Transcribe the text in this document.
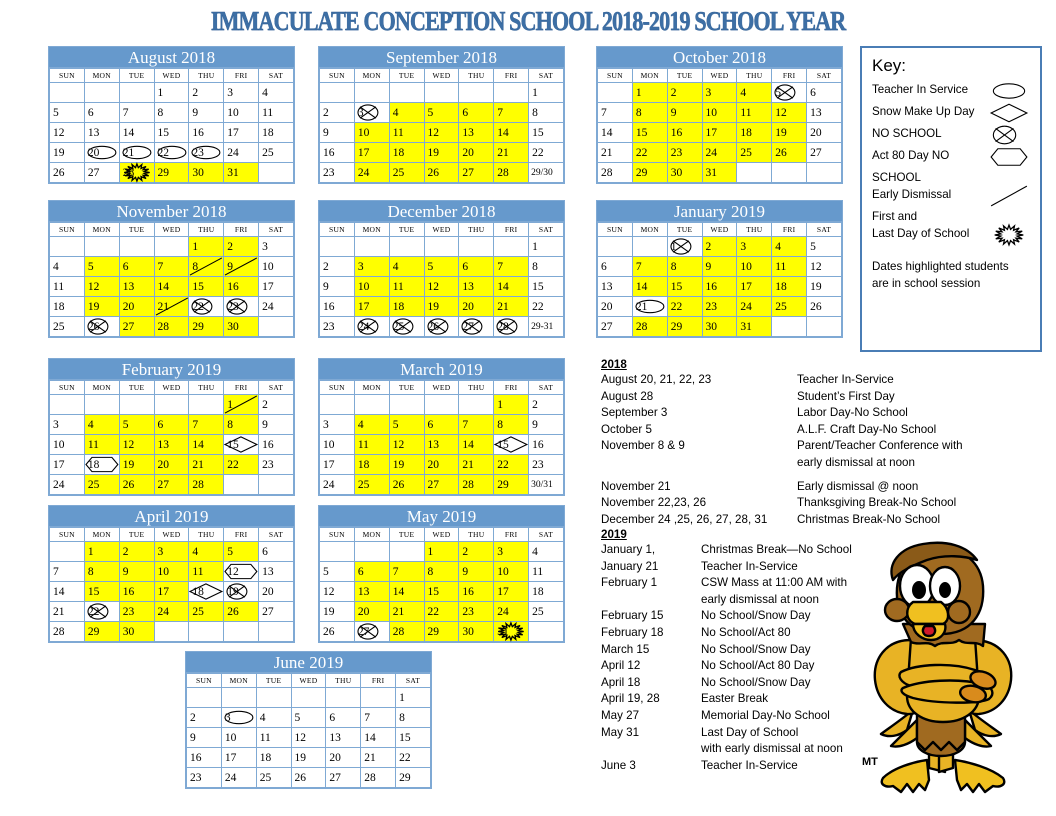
IMMACULATE CONCEPTION SCHOOL 2018-2019 SCHOOL YEAR
August 2018
SUN	MON	TUE	WED	THU	FRI	SAT
			1	2	3	4
5	6	7	8	9	10	11
12	13	14	15	16	17	18
19	20	21	22	23	24	25
26	27	28	29	30	31	
September 2018
SUN	MON	TUE	WED	THU	FRI	SAT
						1
2	3	4	5	6	7	8
9	10	11	12	13	14	15
16	17	18	19	20	21	22
23	24	25	26	27	28	29/30
October 2018
SUN	MON	TUE	WED	THU	FRI	SAT
	1	2	3	4	5	6
7	8	9	10	11	12	13
14	15	16	17	18	19	20
21	22	23	24	25	26	27
28	29	30	31			
November 2018
SUN	MON	TUE	WED	THU	FRI	SAT
				1	2	3
4	5	6	7	8	9	10
11	12	13	14	15	16	17
18	19	20	21	22	23	24
25	26	27	28	29	30	
December 2018
SUN	MON	TUE	WED	THU	FRI	SAT
						1
2	3	4	5	6	7	8
9	10	11	12	13	14	15
16	17	18	19	20	21	22
23	24	25	26	27	28	29-31
January 2019
SUN	MON	TUE	WED	THU	FRI	SAT
		1	2	3	4	5
6	7	8	9	10	11	12
13	14	15	16	17	18	19
20	21	22	23	24	25	26
27	28	29	30	31		
February 2019
SUN	MON	TUE	WED	THU	FRI	SAT
					1	2
3	4	5	6	7	8	9
10	11	12	13	14	15	16
17	18	19	20	21	22	23
24	25	26	27	28		
March 2019
SUN	MON	TUE	WED	THU	FRI	SAT
					1	2
3	4	5	6	7	8	9
10	11	12	13	14	15	16
17	18	19	20	21	22	23
24	25	26	27	28	29	30/31
April 2019
SUN	MON	TUE	WED	THU	FRI	SAT
	1	2	3	4	5	6
7	8	9	10	11	12	13
14	15	16	17	18	19	20
21	22	23	24	25	26	27
28	29	30				
May 2019
SUN	MON	TUE	WED	THU	FRI	SAT
			1	2	3	4
5	6	7	8	9	10	11
12	13	14	15	16	17	18
19	20	21	22	23	24	25
26	27	28	29	30	31

June 2019
SUN	MON	TUE	WED	THU	FRI	SAT
						1
2	3	4	5	6	7	8
9	10	11	12	13	14	15
16	17	18	19	20	21	22
23	24	25	26	27	28	29
Key:
Teacher In Service
Snow Make Up Day
NO SCHOOL
Act 80 Day NO
SCHOOL
Early Dismissal
First and
Last Day of School
Dates highlighted students
are in school session
2018
August 20, 21, 22, 23	Teacher In-Service
August 28	Student’s First Day
September 3	Labor Day-No School
October 5	A.L.F. Craft Day-No School
November 8 & 9	Parent/Teacher Conference with
early dismissal at noon
November 21	Early dismissal @ noon
November 22,23, 26	Thanksgiving Break-No School
December 24 ,25, 26, 27, 28, 31	Christmas Break-No School
2019
January 1,	Christmas Break—No School
January 21	Teacher In-Service
February 1	CSW Mass at 11:00 AM with
early dismissal at noon
February 15	No School/Snow Day
February 18	No School/Act 80
March 15	No School/Snow Day
April 12	No School/Act 80 Day
April 18	No School/Snow Day
April 19, 28	Easter Break
May 27	Memorial Day-No School
May 31	Last Day of School
with early dismissal at noon
June 3	Teacher In-Service	MT
